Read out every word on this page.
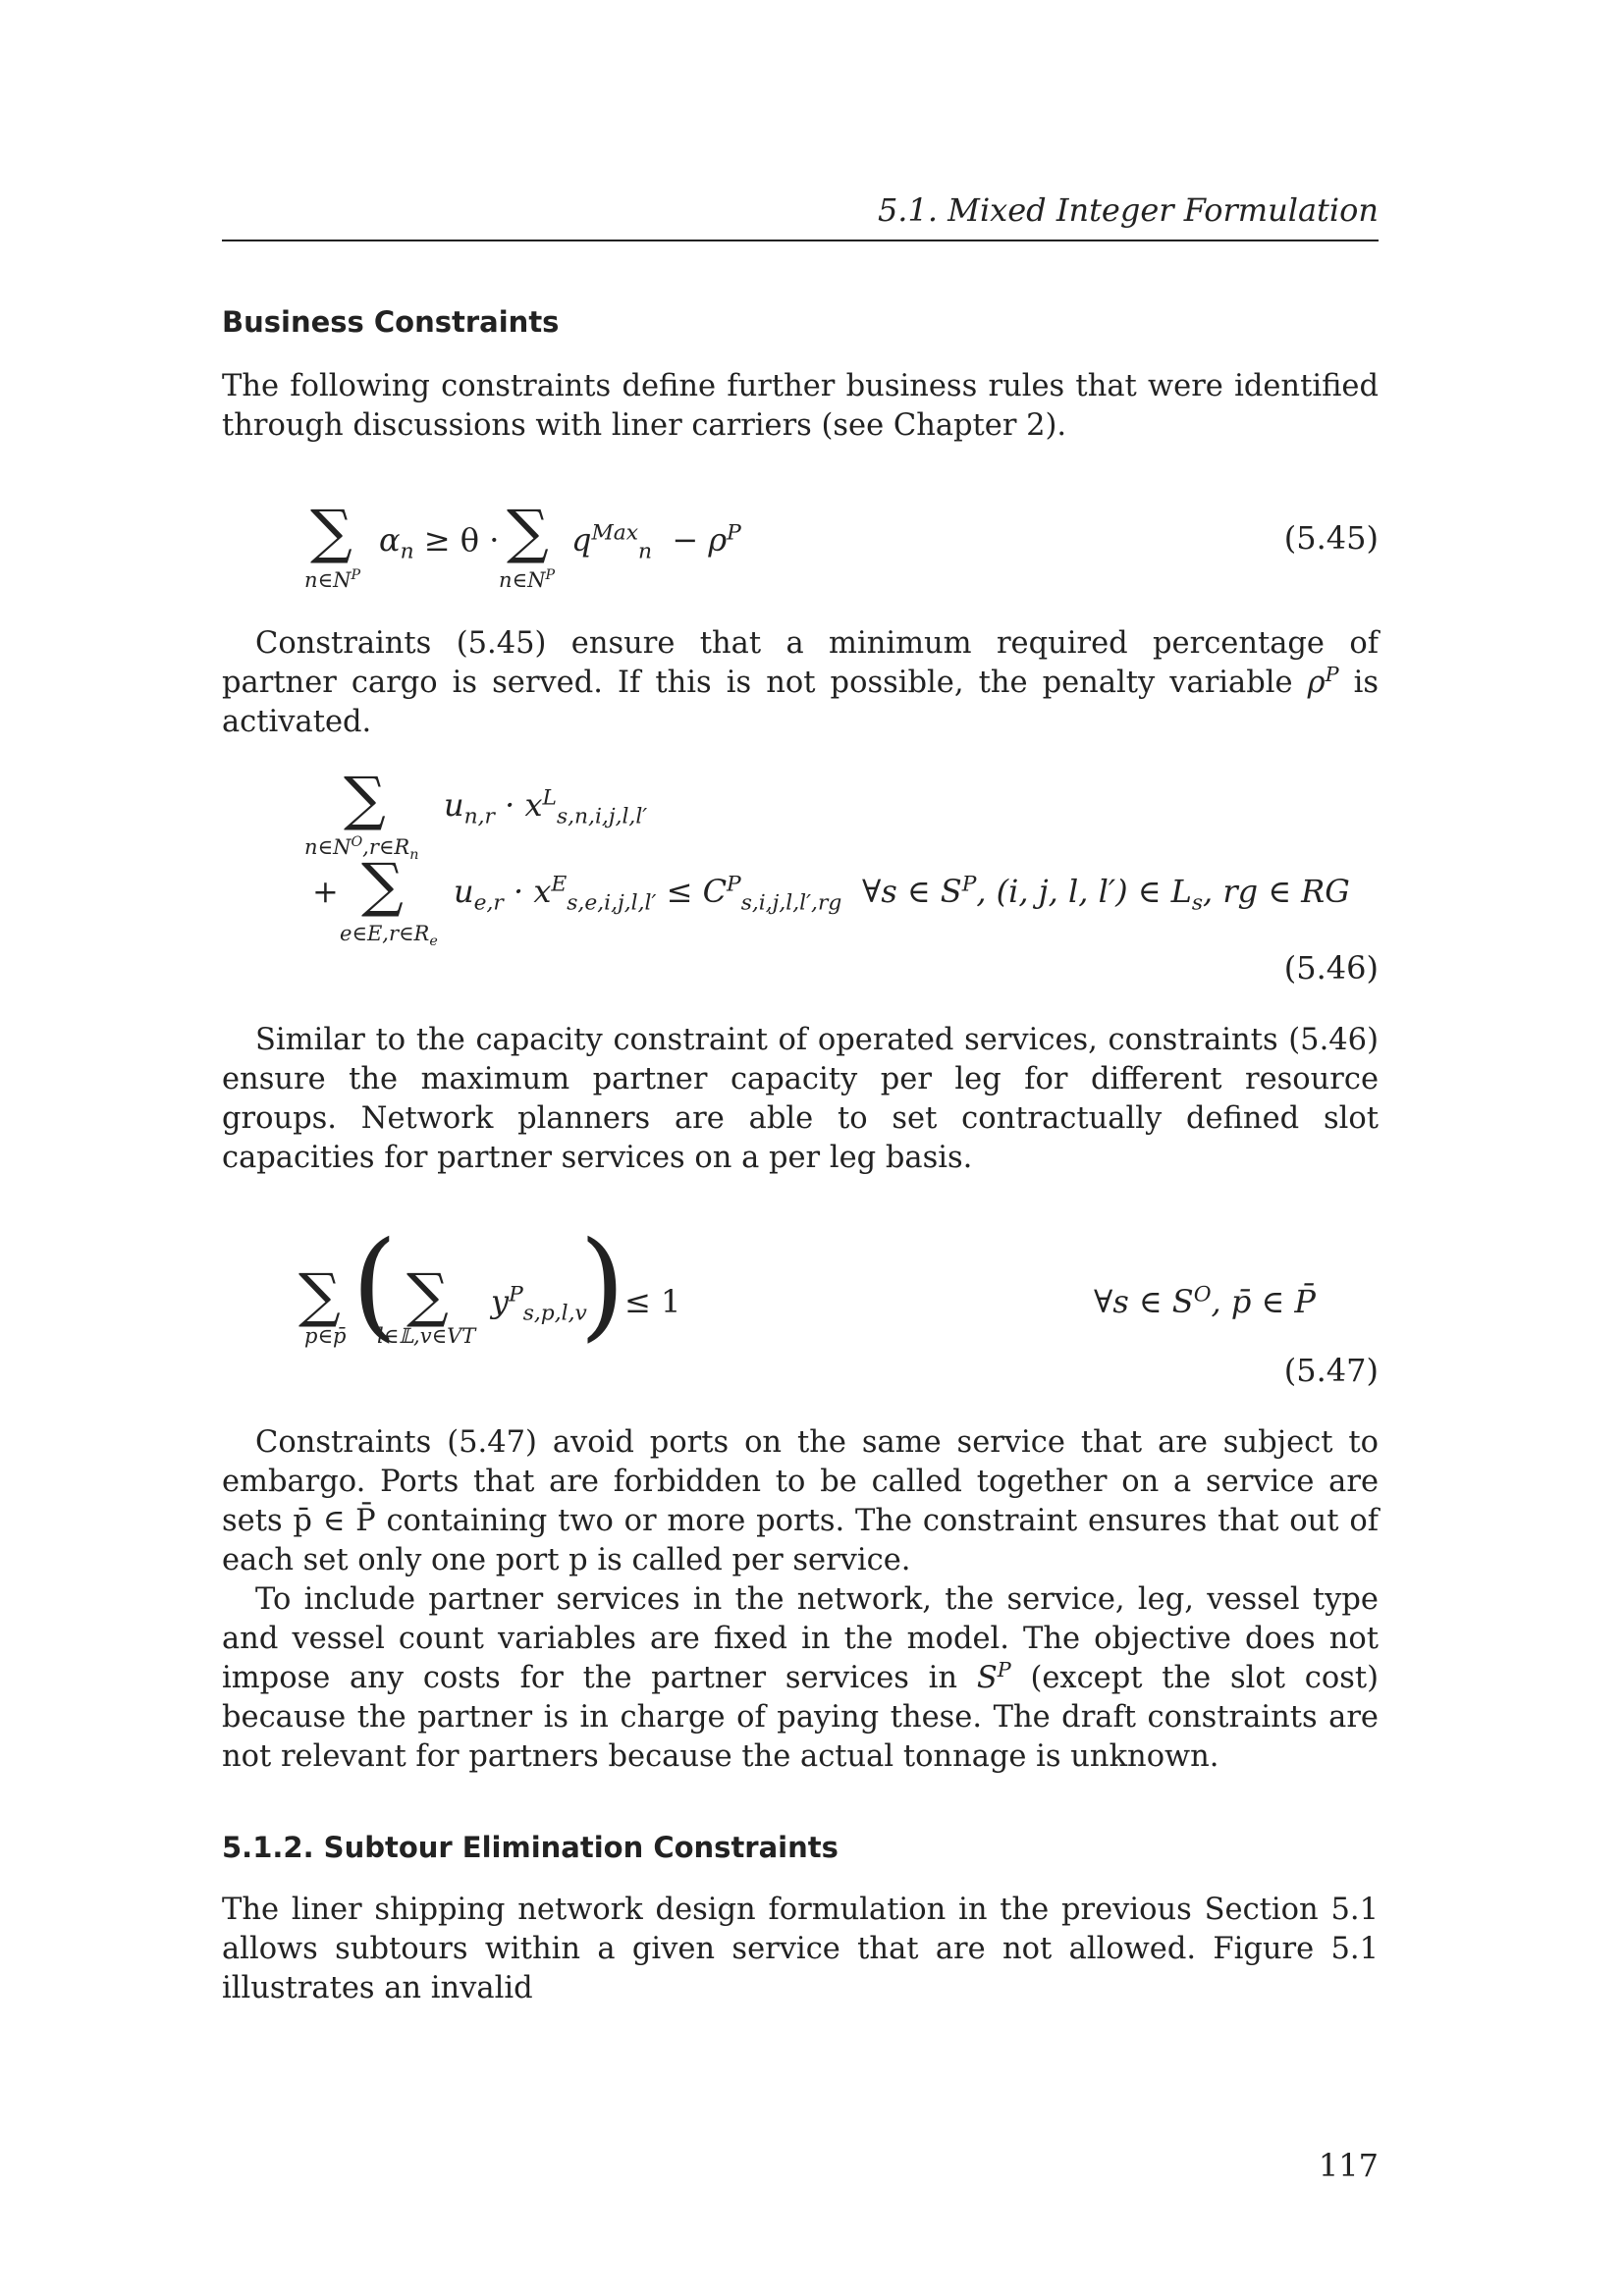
5.1. Mixed Integer Formulation
Business Constraints

The following constraints define further business rules that were identified through discussions with liner carriers (see Chapter 2).

∑
$n\in N^P$
$\alpha_n \ge \theta$ · ∑
$n\in N^P$
$q^{Max}_n - \rho^P$	(5.45)

Constraints (5.45) ensure that a minimum required percentage of partner cargo is served. If this is not possible, the penalty variable $\rho^P$ is activated.

∑
$n\in N^O,r\in R_n$
$u_{n,r} \cdot x^L_{s,n,i,j,l,l'}$
+ ∑
$e\in E,r\in R_e$
$u_{e,r} \cdot x^E_{s,e,i,j,l,l'} \le C^P_{s,i,j,l,l',rg}$ ∀s ∈ $S^P$, (i, j, l, l′) ∈ $L_s$, rg ∈ RG
(5.46)

Similar to the capacity constraint of operated services, constraints (5.46) ensure the maximum partner capacity per leg for different resource groups. Network planners are able to set contractually defined slot capacities for partner services on a per leg basis.

∑
p∈p̄ ( ∑
l∈𝕃,v∈VT
$y^P_{s,p,l,v}$
) ≤ 1	∀s ∈ $S^O$, p̄ ∈ P̄
(5.47)

Constraints (5.47) avoid ports on the same service that are subject to embargo. Ports that are forbidden to be called together on a service are sets p̄ ∈ P̄ containing two or more ports. The constraint ensures that out of each set only one port p is called per service.

To include partner services in the network, the service, leg, vessel type and vessel count variables are fixed in the model. The objective does not impose any costs for the partner services in $S^P$ (except the slot cost) because the partner is in charge of paying these. The draft constraints are not relevant for partners because the actual tonnage is unknown.

5.1.2. Subtour Elimination Constraints

The liner shipping network design formulation in the previous Section 5.1 allows subtours within a given service that are not allowed. Figure 5.1 illustrates an invalid

117
